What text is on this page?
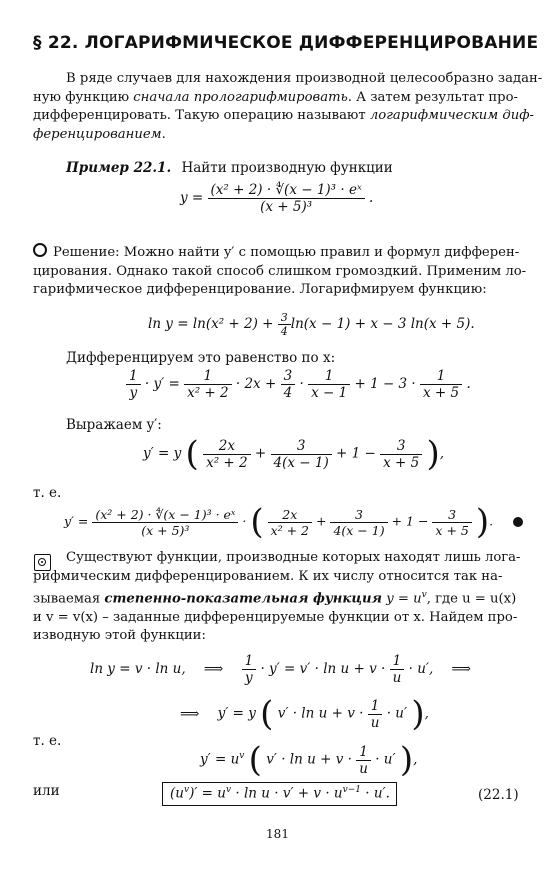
§ 22. ЛОГАРИФМИЧЕСКОЕ ДИФФЕРЕНЦИРОВАНИЕ
В ряде случаев для нахождения производной целесообразно задан-
ную функцию сначала прологарифмировать. А затем результат про-
дифференцировать. Такую операцию называют логарифмическим диф-
ференцированием.
Пример 22.1. Найти производную функции
$y = \frac{\text{(x² + 2) · ∜(x − 1)³ · eˣ}}{\text{(x + 5)³}}$ .
Решение: Можно найти y′ с помощью правил и формул дифферен-
цирования. Однако такой способ слишком громоздкий. Применим ло-
гарифмическое дифференцирование. Логарифмируем функцию:
$\ln y = \ln(x^2 + 2) + \frac{3}{4} \ln(x - 1) + x - 3$ ln(x + 5).
Дифференцируем это равенство по x:
$\frac{1}{y} \cdot y' = \frac{1}{\text{x² + 2}} \cdot 2x + \frac{3}{4} \cdot \frac{1}{x - 1} + 1 - 3 \cdot \frac{1}{x + 5}$ .
Выражаем y′:
y′ = y ( $\frac{2x}{\text{x² + 2}} + \frac{3}{4(x - 1)} + 1 - \frac{3}{x + 5}$ ),
т. е.
$y' = \frac{\text{(x² + 2) · ∜(x − 1)³ · eˣ}}{\text{(x + 5)³}}$ · ( $\frac{2x}{\text{x² + 2}} + \frac{3}{4(x - 1)} + 1 - \frac{3}{x + 5}$ ).
Существуют функции, производные которых находят лишь лога-
рифмическим дифференцированием. К их числу относится так на-
зываемая степенно-показательная функция $y = u^v$, где u = u(x)
и v = v(x) – заданные дифференцируемые функции от x. Найдем про-
изводную этой функции:
ln y = v · ln u, ⟹ $\frac{1}{y} \cdot y' = v' \cdot \ln u + v \cdot \frac{1}{u} \cdot u'$, ⟹
⟹ y′ = y ( $v' \cdot \ln u + v \cdot \frac{1}{u} \cdot u'$ ),
т. е.
$y' = u^v$ ( $v' \cdot \ln u + v \cdot \frac{1}{u} \cdot u'$ ),
или	$(u^v)' = u^v \cdot \ln u \cdot v' + v \cdot u^{v-1} \cdot u'$.	(22.1)
181
